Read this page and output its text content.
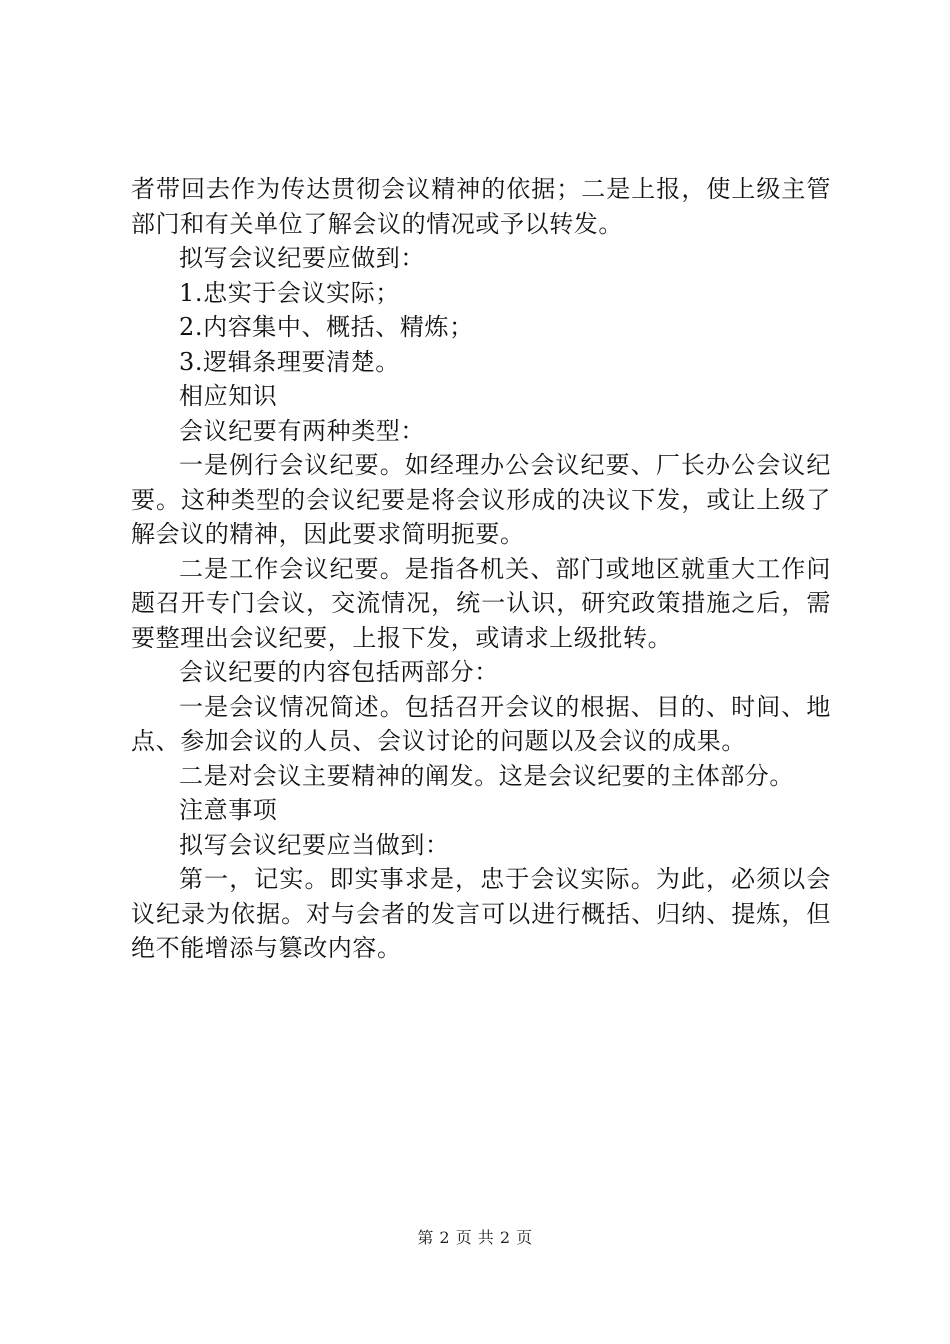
者带回去作为传达贯彻会议精神的依据；二是上报，使上级主管部门和有关单位了解会议的情况或予以转发。

拟写会议纪要应做到：

1.忠实于会议实际；

2.内容集中、概括、精炼；

3.逻辑条理要清楚。

相应知识

会议纪要有两种类型：

一是例行会议纪要。如经理办公会议纪要、厂长办公会议纪要。这种类型的会议纪要是将会议形成的决议下发，或让上级了解会议的精神，因此要求简明扼要。

二是工作会议纪要。是指各机关、部门或地区就重大工作问题召开专门会议，交流情况，统一认识，研究政策措施之后，需要整理出会议纪要，上报下发，或请求上级批转。

会议纪要的内容包括两部分：

一是会议情况简述。包括召开会议的根据、目的、时间、地点、参加会议的人员、会议讨论的问题以及会议的成果。

二是对会议主要精神的阐发。这是会议纪要的主体部分。

注意事项

拟写会议纪要应当做到：

第一，记实。即实事求是，忠于会议实际。为此，必须以会议纪录为依据。对与会者的发言可以进行概括、归纳、提炼，但绝不能增添与篡改内容。

第 2 页 共 2 页
